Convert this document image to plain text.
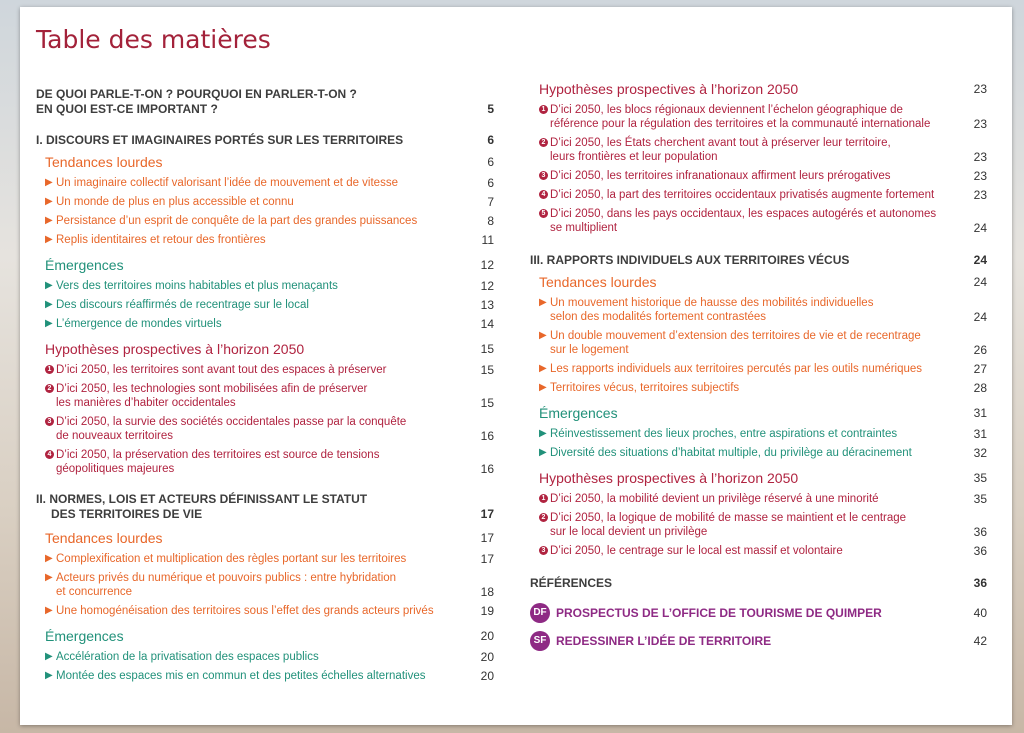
Table des matières
DE QUOI PARLE-T-ON ? POURQUOI EN PARLER-T-ON ?
EN QUOI EST-CE IMPORTANT ?	5
I. DISCOURS ET IMAGINAIRES PORTÉS SUR LES TERRITOIRES	6
Tendances lourdes	6
▶ Un imaginaire collectif valorisant l’idée de mouvement et de vitesse	6
▶ Un monde de plus en plus accessible et connu	7
▶ Persistance d’un esprit de conquête de la part des grandes puissances	8
▶ Replis identitaires et retour des frontières	11
Émergences	12
▶ Vers des territoires moins habitables et plus menaçants	12
▶ Des discours réaffirmés de recentrage sur le local	13
▶ L’émergence de mondes virtuels	14
Hypothèses prospectives à l’horizon 2050	15
1 D’ici 2050, les territoires sont avant tout des espaces à préserver	15
2 D’ici 2050, les technologies sont mobilisées afin de préserver
les manières d’habiter occidentales	15
3 D’ici 2050, la survie des sociétés occidentales passe par la conquête
de nouveaux territoires	16
4 D’ici 2050, la préservation des territoires est source de tensions
géopolitiques majeures	16
II. NORMES, LOIS ET ACTEURS DÉFINISSANT LE STATUT
DES TERRITOIRES DE VIE	17
Tendances lourdes	17
▶ Complexification et multiplication des règles portant sur les territoires	17
▶ Acteurs privés du numérique et pouvoirs publics : entre hybridation
et concurrence	18
▶ Une homogénéisation des territoires sous l’effet des grands acteurs privés	19
Émergences	20
▶ Accélération de la privatisation des espaces publics	20
▶ Montée des espaces mis en commun et des petites échelles alternatives	20
Hypothèses prospectives à l’horizon 2050	23
1 D’ici 2050, les blocs régionaux deviennent l’échelon géographique de
référence pour la régulation des territoires et la communauté internationale	23
2 D’ici 2050, les États cherchent avant tout à préserver leur territoire,
leurs frontières et leur population	23
3 D’ici 2050, les territoires infranationaux affirment leurs prérogatives	23
4 D’ici 2050, la part des territoires occidentaux privatisés augmente fortement	23
5 D’ici 2050, dans les pays occidentaux, les espaces autogérés et autonomes
se multiplient	24
III. RAPPORTS INDIVIDUELS AUX TERRITOIRES VÉCUS	24
Tendances lourdes	24
▶ Un mouvement historique de hausse des mobilités individuelles
selon des modalités fortement contrastées	24
▶ Un double mouvement d’extension des territoires de vie et de recentrage
sur le logement	26
▶ Les rapports individuels aux territoires percutés par les outils numériques	27
▶ Territoires vécus, territoires subjectifs	28
Émergences	31
▶ Réinvestissement des lieux proches, entre aspirations et contraintes	31
▶ Diversité des situations d’habitat multiple, du privilège au déracinement	32
Hypothèses prospectives à l’horizon 2050	35
1 D’ici 2050, la mobilité devient un privilège réservé à une minorité	35
2 D’ici 2050, la logique de mobilité de masse se maintient et le centrage
sur le local devient un privilège	36
3 D’ici 2050, le centrage sur le local est massif et volontaire	36
RÉFÉRENCES	36
DF PROSPECTUS DE L’OFFICE DE TOURISME DE QUIMPER	40
SF REDESSINER L’IDÉE DE TERRITOIRE	42
